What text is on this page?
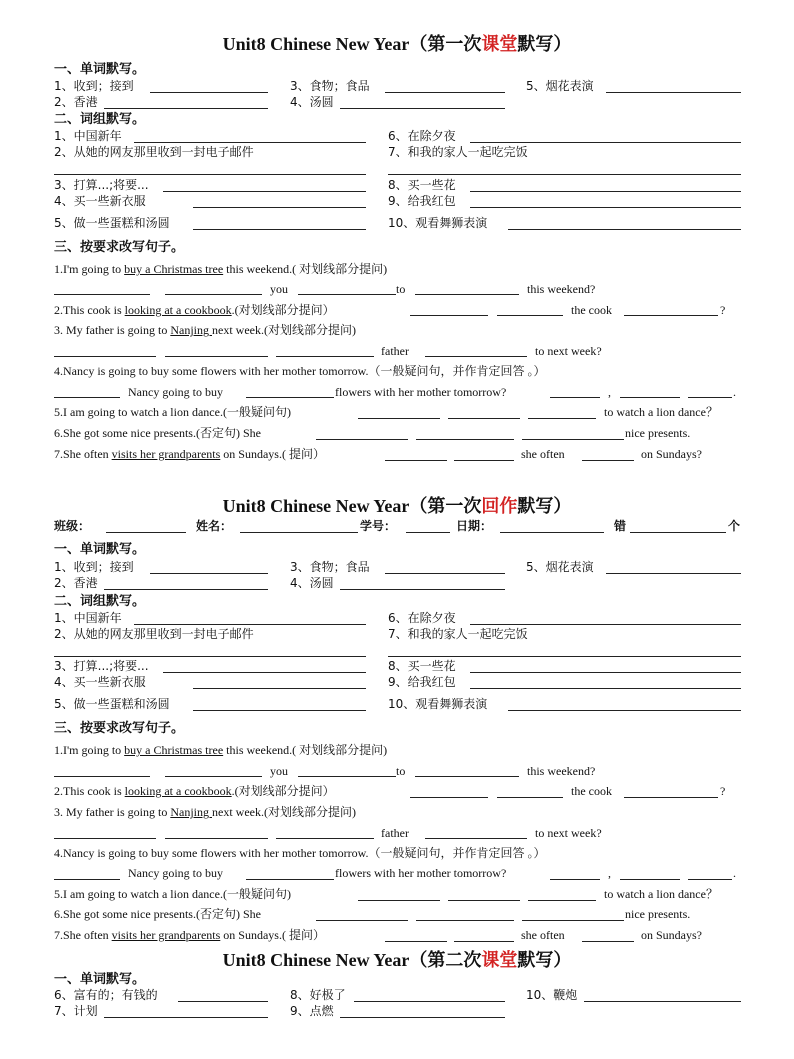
Unit8 Chinese New Year（第一次课堂默写）
一、单词默写。
1、收到；接到	3、食物；食品	5、烟花表演
2、香港	4、汤圆
二、词组默写。
1、中国新年	6、在除夕夜
2、从她的网友那里收到一封电子邮件	7、和我的家人一起吃完饭
3、打算...;将要...	8、买一些花
4、买一些新衣服	9、给我红包
5、做一些蛋糕和汤圆	10、观看舞狮表演
三、按要求改写句子。
1.I'm going to buy a Christmas tree this weekend.( 对划线部分提问)
you	to	this weekend?
2.This cook is looking at a cookbook.(对划线部分提问）	the cook	?
3. My father is going to Nanjing next week.(对划线部分提问)
father	to next week?
4.Nancy is going to buy some flowers with her mother tomorrow.（一般疑问句，并作肯定回答 。）
Nancy going to buy	flowers with her mother tomorrow?	,	.
5.I am going to watch a lion dance.(一般疑问句)	to watch a lion dance？
6.She got some nice presents.(否定句) She	nice presents.
7.She often visits her grandparents on Sundays.( 提问）	she often	on Sundays?
Unit8 Chinese New Year（第一次回作默写）
班级：	姓名：	学号：	日期：	错	个
一、单词默写。
1、收到；接到	3、食物；食品	5、烟花表演
2、香港	4、汤圆
二、词组默写。
1、中国新年	6、在除夕夜
2、从她的网友那里收到一封电子邮件	7、和我的家人一起吃完饭
3、打算...;将要...	8、买一些花
4、买一些新衣服	9、给我红包
5、做一些蛋糕和汤圆	10、观看舞狮表演
三、按要求改写句子。
1.I'm going to buy a Christmas tree this weekend.( 对划线部分提问)
you	to	this weekend?
2.This cook is looking at a cookbook.(对划线部分提问）	the cook	?
3. My father is going to Nanjing next week.(对划线部分提问)
father	to next week?
4.Nancy is going to buy some flowers with her mother tomorrow.（一般疑问句，并作肯定回答 。）
Nancy going to buy	flowers with her mother tomorrow?	,	.
5.I am going to watch a lion dance.(一般疑问句)	to watch a lion dance？
6.She got some nice presents.(否定句) She	nice presents.
7.She often visits her grandparents on Sundays.( 提问）	she often	on Sundays?
Unit8 Chinese New Year（第二次课堂默写）
一、单词默写。
6、富有的；有钱的	8、好极了	10、鞭炮
7、计划	9、点燃
